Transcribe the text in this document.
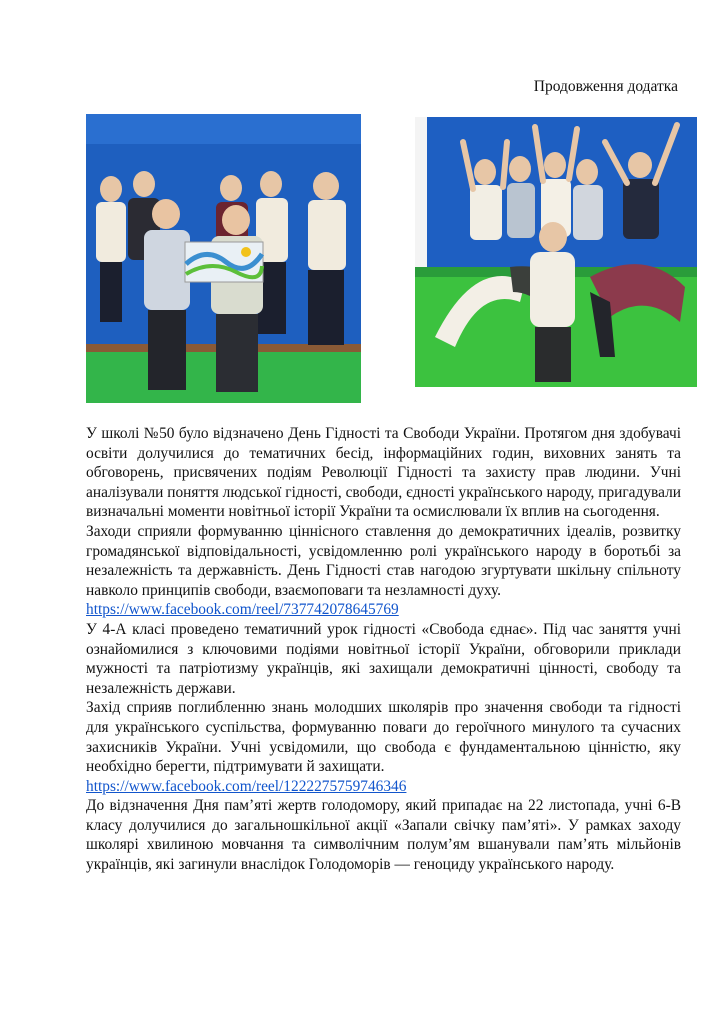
Продовження додатка

У школі №50 було відзначено День Гідності та Свободи України. Протягом дня здобувачі освіти долучилися до тематичних бесід, інформаційних годин, виховних занять та обговорень, присвячених подіям Революції Гідності та захисту прав людини. Учні аналізували поняття людської гідності, свободи, єдності українського народу, пригадували визначальні моменти новітньої історії України та осмислювали їх вплив на сьогодення.

Заходи сприяли формуванню ціннісного ставлення до демократичних ідеалів, розвитку громадянської відповідальності, усвідомленню ролі українського народу в боротьбі за незалежність та державність. День Гідності став нагодою згуртувати шкільну спільноту навколо принципів свободи, взаємоповаги та незламності духу.

https://www.facebook.com/reel/737742078645769

У 4-А класі проведено тематичний урок гідності «Свобода єднає». Під час заняття учні ознайомилися з ключовими подіями новітньої історії України, обговорили приклади мужності та патріотизму українців, які захищали демократичні цінності, свободу та незалежність держави.

Захід сприяв поглибленню знань молодших школярів про значення свободи та гідності для українського суспільства, формуванню поваги до героїчного минулого та сучасних захисників України. Учні усвідомили, що свобода є фундаментальною цінністю, яку необхідно берегти, підтримувати й захищати.

https://www.facebook.com/reel/1222275759746346

До відзначення Дня пам’яті жертв голодомору, який припадає на 22 листопада, учні 6-В класу долучилися до загальношкільної акції «Запали свічку пам’яті». У рамках заходу школярі хвилиною мовчання та символічним полум’ям вшанували пам’ять мільйонів українців, які загинули внаслідок Голодоморів — геноциду українського народу.
